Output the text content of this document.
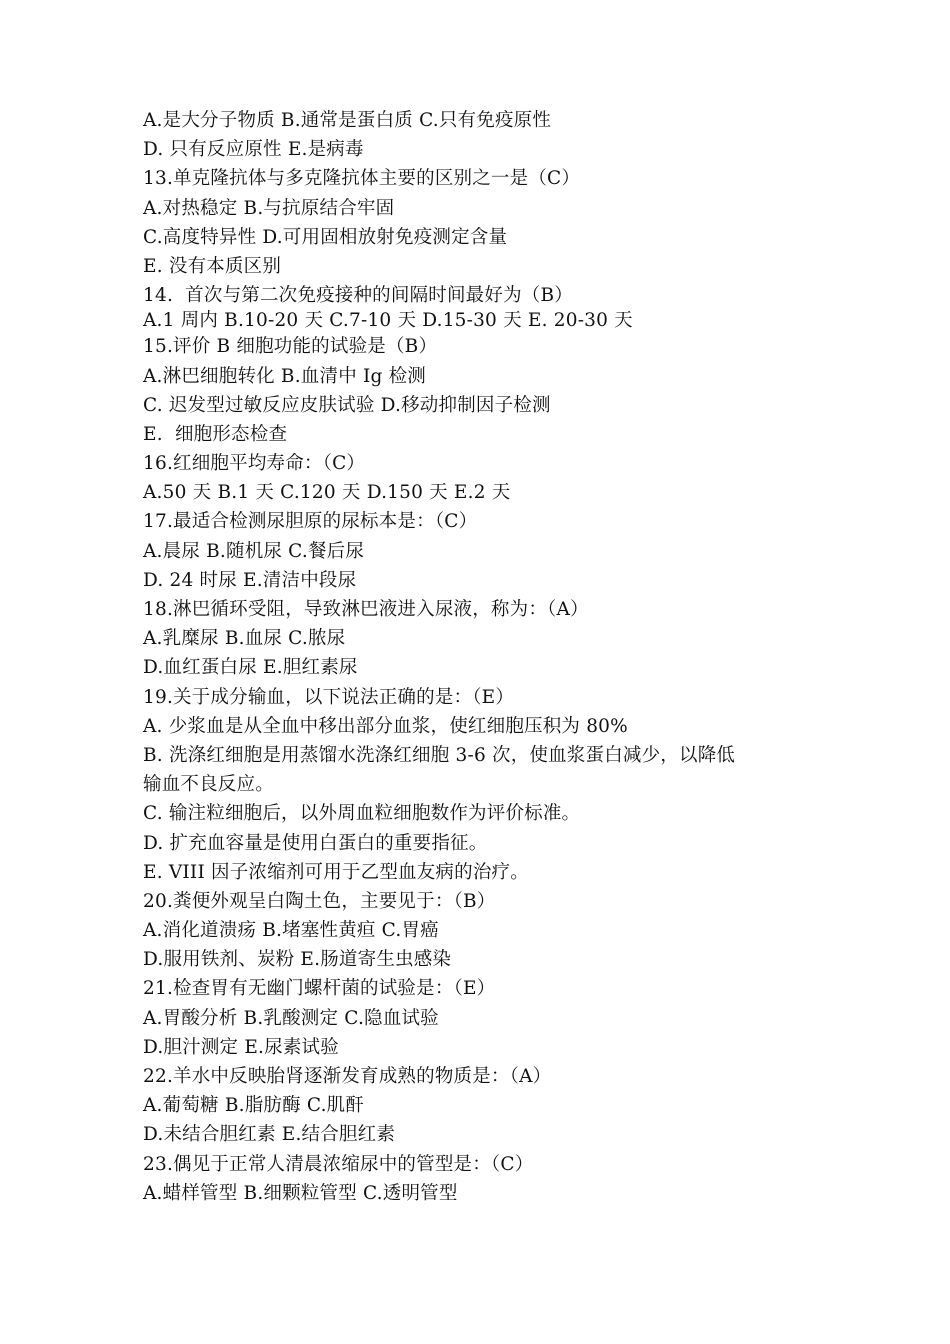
A.是大分子物质 B.通常是蛋白质 C.只有免疫原性
D. 只有反应原性 E.是病毒
13.单克隆抗体与多克隆抗体主要的区别之一是（C）
A.对热稳定 B.与抗原结合牢固
C.高度特异性 D.可用固相放射免疫测定含量
E. 没有本质区别
14.  首次与第二次免疫接种的间隔时间最好为（B）
A.1 周内 B.10-20 天 C.7-10 天 D.15-30 天 E. 20-30 天
15.评价 B 细胞功能的试验是（B）
A.淋巴细胞转化 B.血清中 Ig 检测
C. 迟发型过敏反应皮肤试验 D.移动抑制因子检测
E.  细胞形态检查
16.红细胞平均寿命：（C）
A.50 天 B.1 天 C.120 天 D.150 天 E.2 天
17.最适合检测尿胆原的尿标本是：（C）
A.晨尿 B.随机尿 C.餐后尿
D. 24 时尿 E.清洁中段尿
18.淋巴循环受阻，导致淋巴液进入尿液，称为：（A）
A.乳糜尿 B.血尿 C.脓尿
D.血红蛋白尿 E.胆红素尿
19.关于成分输血，以下说法正确的是：（E）
A. 少浆血是从全血中移出部分血浆，使红细胞压积为 80%
B. 洗涤红细胞是用蒸馏水洗涤红细胞 3-6 次，使血浆蛋白减少，以降低
输血不良反应。
C. 输注粒细胞后，以外周血粒细胞数作为评价标准。
D. 扩充血容量是使用白蛋白的重要指征。
E. VIII 因子浓缩剂可用于乙型血友病的治疗。
20.粪便外观呈白陶土色，主要见于：（B）
A.消化道溃疡 B.堵塞性黄疸 C.胃癌
D.服用铁剂、炭粉 E.肠道寄生虫感染
21.检查胃有无幽门螺杆菌的试验是：（E）
A.胃酸分析 B.乳酸测定 C.隐血试验
D.胆汁测定 E.尿素试验
22.羊水中反映胎肾逐渐发育成熟的物质是：（A）
A.葡萄糖 B.脂肪酶 C.肌酐
D.未结合胆红素 E.结合胆红素
23.偶见于正常人清晨浓缩尿中的管型是：（C）
A.蜡样管型 B.细颗粒管型 C.透明管型
